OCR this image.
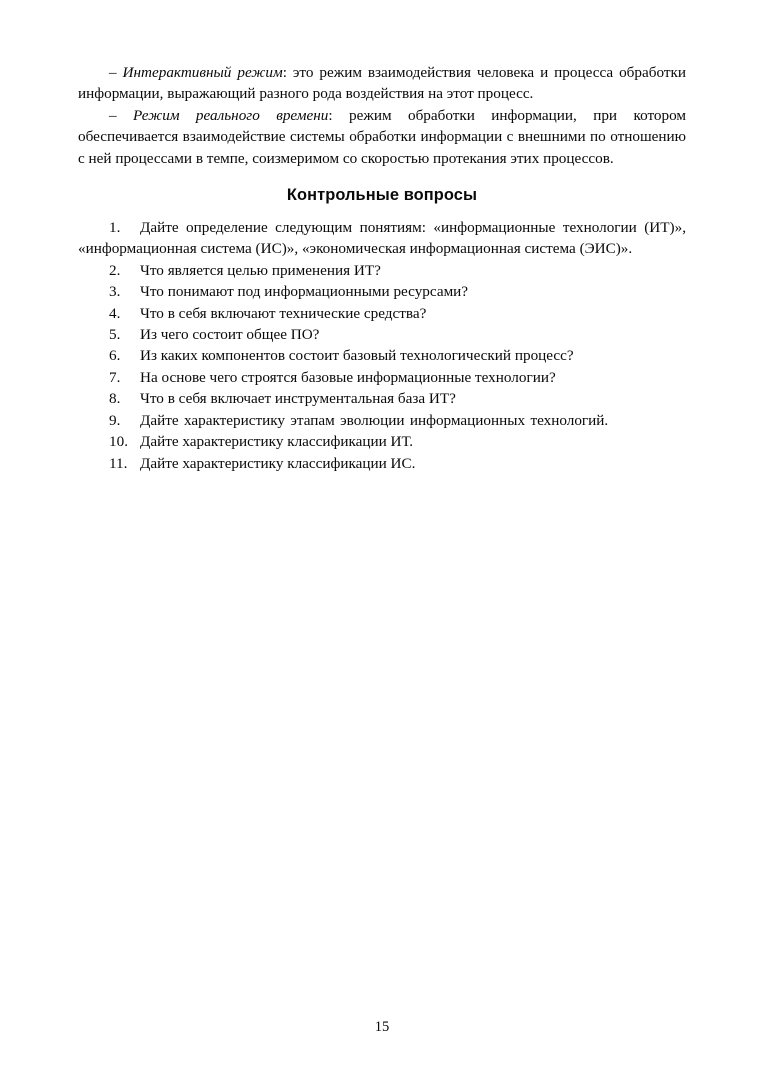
– Интерактивный режим: это режим взаимодействия человека и процесса обработки информации, выражающий разного рода воздействия на этот процесс.

– Режим реального времени: режим обработки информации, при котором обеспечивается взаимодействие системы обработки информации с внешними по отношению с ней процессами в темпе, соизмеримом со скоростью протекания этих процессов.

Контрольные вопросы
1. Дайте определение следующим понятиям: «информационные технологии (ИТ)», «информационная система (ИС)», «экономическая информационная система (ЭИС)».
2. Что является целью применения ИТ?
3. Что понимают под информационными ресурсами?
4. Что в себя включают технические средства?
5. Из чего состоит общее ПО?
6. Из каких компонентов состоит базовый технологический процесс?
7. На основе чего строятся базовые информационные технологии?
8. Что в себя включает инструментальная база ИТ?
9. Дайте характеристику этапам эволюции информационных технологий.
10. Дайте характеристику классификации ИТ.
11. Дайте характеристику классификации ИС.
15
